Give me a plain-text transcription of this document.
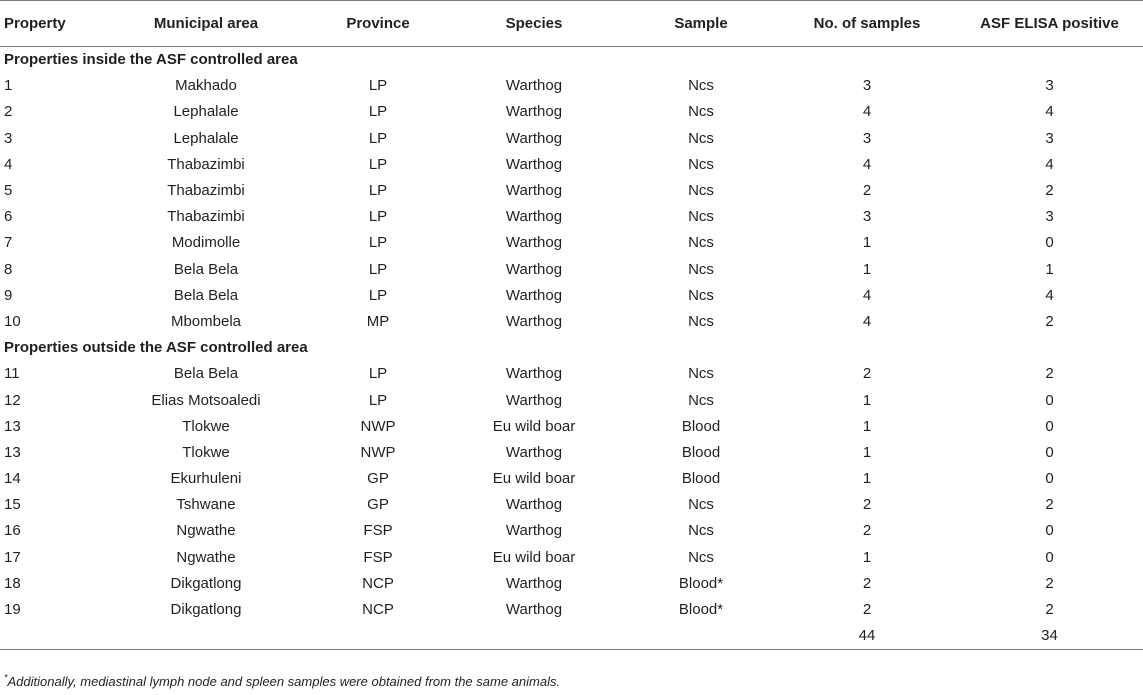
Property	Municipal area	Province	Species	Sample	No. of samples	ASF ELISA positive
Properties inside the ASF controlled area						
1	Makhado	LP	Warthog	Ncs	3	3
2	Lephalale	LP	Warthog	Ncs	4	4
3	Lephalale	LP	Warthog	Ncs	3	3
4	Thabazimbi	LP	Warthog	Ncs	4	4
5	Thabazimbi	LP	Warthog	Ncs	2	2
6	Thabazimbi	LP	Warthog	Ncs	3	3
7	Modimolle	LP	Warthog	Ncs	1	0
8	Bela Bela	LP	Warthog	Ncs	1	1
9	Bela Bela	LP	Warthog	Ncs	4	4
10	Mbombela	MP	Warthog	Ncs	4	2
Properties outside the ASF controlled area						
11	Bela Bela	LP	Warthog	Ncs	2	2
12	Elias Motsoaledi	LP	Warthog	Ncs	1	0
13	Tlokwe	NWP	Eu wild boar	Blood	1	0
13	Tlokwe	NWP	Warthog	Blood	1	0
14	Ekurhuleni	GP	Eu wild boar	Blood	1	0
15	Tshwane	GP	Warthog	Ncs	2	2
16	Ngwathe	FSP	Warthog	Ncs	2	0
17	Ngwathe	FSP	Eu wild boar	Ncs	1	0
18	Dikgatlong	NCP	Warthog	Blood*	2	2
19	Dikgatlong	NCP	Warthog	Blood*	2	2
					44	34
*Additionally, mediastinal lymph node and spleen samples were obtained from the same animals.
